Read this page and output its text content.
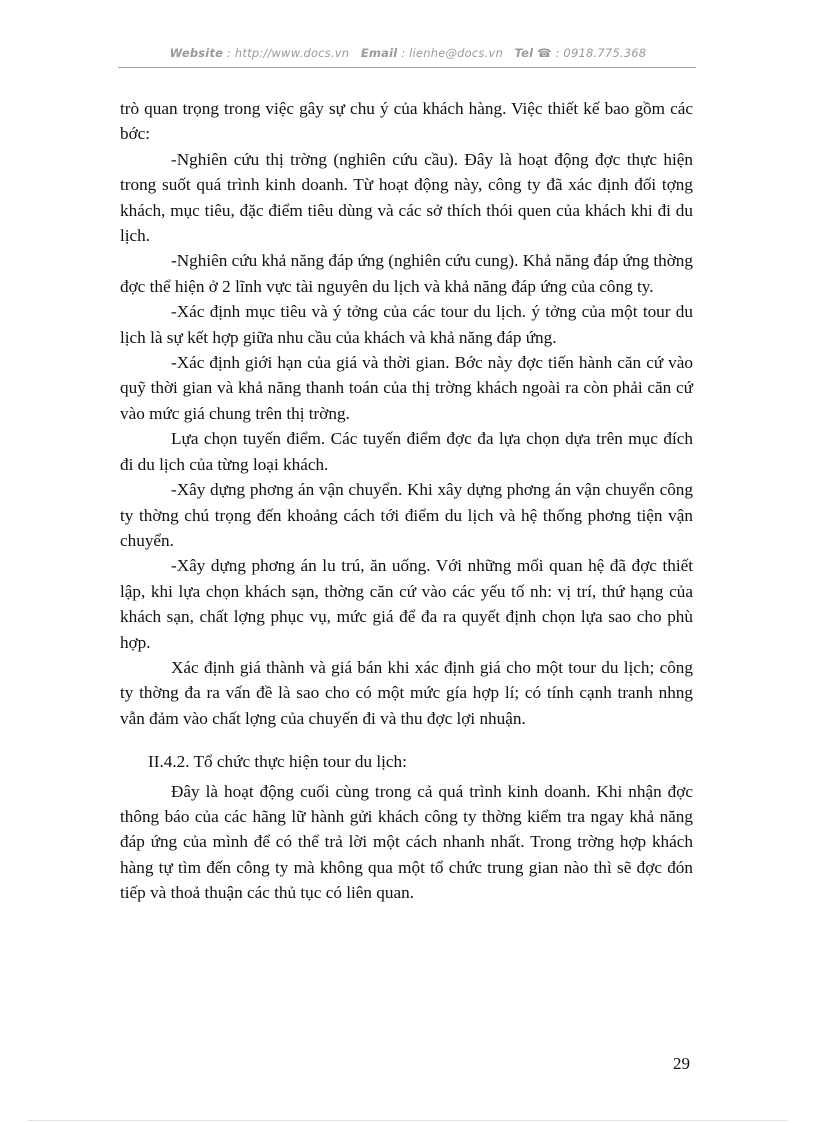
Website : http://www.docs.vn Email : lienhe@docs.vn Tel ☎ : 0918.775.368

trò quan trọng trong việc gây sự chu ý của khách hàng. Việc thiết kế bao gồm các bớc:

-Nghiên cứu thị trờng (nghiên cứu cầu). Đây là hoạt động đợc thực hiện trong suốt quá trình kinh doanh. Từ hoạt động này, công ty đã xác định đối tợng khách, mục tiêu, đặc điểm tiêu dùng và các sở thích thói quen của khách khi đi du lịch.

-Nghiên cứu khả năng đáp ứng (nghiên cứu cung). Khả năng đáp ứng thờng đợc thể hiện ở 2 lĩnh vực tài nguyên du lịch và khả năng đáp ứng của công ty.

-Xác định mục tiêu và ý tởng của các tour du lịch. ý tởng của một tour du lịch là sự kết hợp giữa nhu cầu của khách và khả năng đáp ứng.

-Xác định giới hạn của giá và thời gian. Bớc này đợc tiến hành căn cứ vào quỹ thời gian và khả năng thanh toán của thị trờng khách ngoài ra còn phải căn cứ vào mức giá chung trên thị trờng.

Lựa chọn tuyến điểm. Các tuyến điểm đợc đa lựa chọn dựa trên mục đích đi du lịch của từng loại khách.

-Xây dựng phơng án vận chuyển. Khi xây dựng phơng án vận chuyển công ty thờng chú trọng đến khoảng cách tới điểm du lịch và hệ thống phơng tiện vận chuyển.

-Xây dựng phơng án lu trú, ăn uống. Với những mối quan hệ đã đợc thiết lập, khi lựa chọn khách sạn, thờng căn cứ vào các yếu tố nh: vị trí, thứ hạng của khách sạn, chất lợng phục vụ, mức giá để đa ra quyết định chọn lựa sao cho phù hợp.

Xác định giá thành và giá bán khi xác định giá cho một tour du lịch; công ty thờng đa ra vấn đề là sao cho có một mức gía hợp lí; có tính cạnh tranh nhng vẫn đảm vào chất lợng của chuyến đi và thu đợc lợi nhuận.

II.4.2. Tổ chức thực hiện tour du lịch:

Đây là hoạt động cuối cùng trong cả quá trình kinh doanh. Khi nhận đợc thông báo của các hãng lữ hành gửi khách công ty thờng kiểm tra ngay khả năng đáp ứng của mình để có thể trả lời một cách nhanh nhất. Trong trờng hợp khách hàng tự tìm đến công ty mà không qua một tổ chức trung gian nào thì sẽ đợc đón tiếp và thoả thuận các thủ tục có liên quan.

29
